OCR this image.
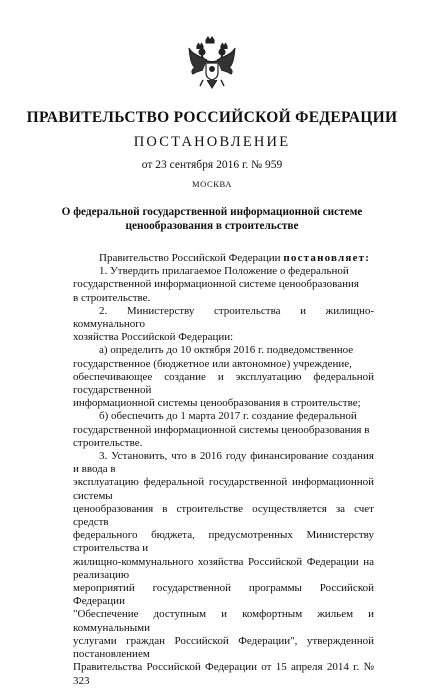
ПРАВИТЕЛЬСТВО РОССИЙСКОЙ ФЕДЕРАЦИИ
ПОСТАНОВЛЕНИЕ
от 23 сентября 2016 г. № 959
МОСКВА
О федеральной государственной информационной системе
ценообразования в строительстве

Правительство Российской Федерации постановляет:

1. Утвердить прилагаемое Положение о федеральной

государственной информационной системе ценообразования

в строительстве.

2. Министерству строительства и жилищно-коммунального

хозяйства Российской Федерации:

а) определить до 10 октября 2016 г. подведомственное

государственное (бюджетное или автономное) учреждение,

обеспечивающее создание и эксплуатацию федеральной государственной

информационной системы ценообразования в строительстве;

б) обеспечить до 1 марта 2017 г. создание федеральной

государственной информационной системы ценообразования в

строительстве.

3. Установить, что в 2016 году финансирование создания и ввода в

эксплуатацию федеральной государственной информационной системы

ценообразования в строительстве осуществляется за счет средств

федерального бюджета, предусмотренных Министерству строительства и

жилищно-коммунального хозяйства Российской Федерации на реализацию

мероприятий государственной программы Российской Федерации

"Обеспечение доступным и комфортным жильем и коммунальными

услугами граждан Российской Федерации", утвержденной постановлением

Правительства Российской Федерации от 15 апреля 2014 г. № 323
